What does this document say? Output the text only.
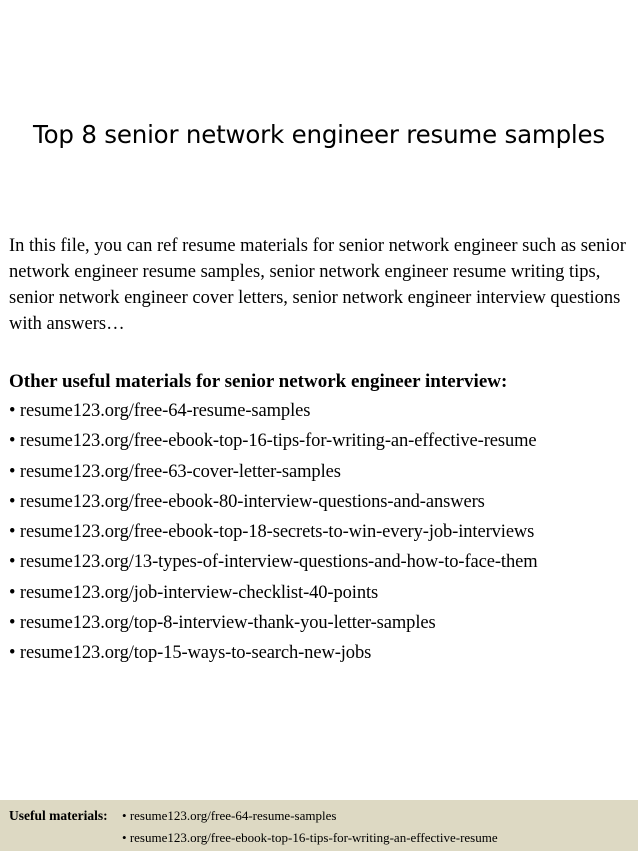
Top 8 senior network engineer resume samples

In this file, you can ref resume materials for senior network engineer such as senior network engineer resume samples, senior network engineer resume writing tips, senior network engineer cover letters, senior network engineer interview questions with answers…

Other useful materials for senior network engineer interview:
• resume123.org/free-64-resume-samples
• resume123.org/free-ebook-top-16-tips-for-writing-an-effective-resume
• resume123.org/free-63-cover-letter-samples
• resume123.org/free-ebook-80-interview-questions-and-answers
• resume123.org/free-ebook-top-18-secrets-to-win-every-job-interviews
• resume123.org/13-types-of-interview-questions-and-how-to-face-them
• resume123.org/job-interview-checklist-40-points
• resume123.org/top-8-interview-thank-you-letter-samples
• resume123.org/top-15-ways-to-search-new-jobs
Useful materials: • resume123.org/free-64-resume-samples
• resume123.org/free-ebook-top-16-tips-for-writing-an-effective-resume
